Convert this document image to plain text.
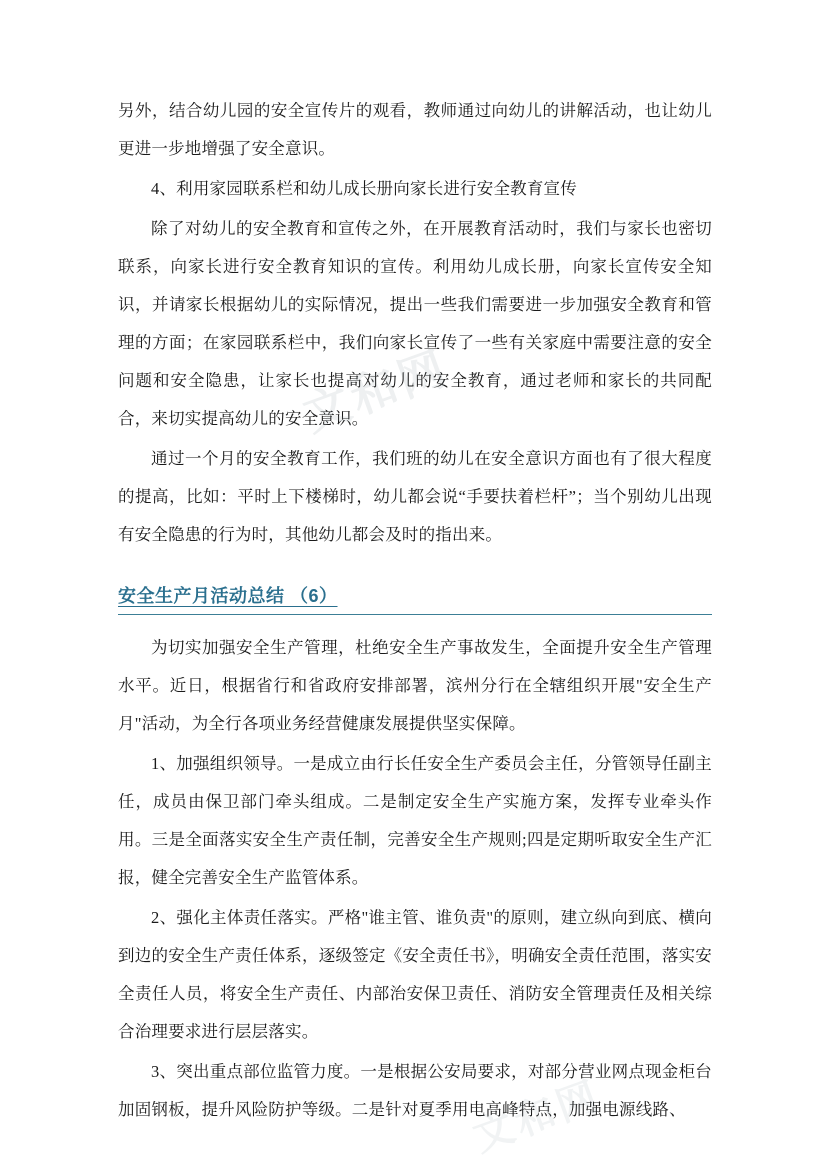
文和网
文和网

另外，结合幼儿园的安全宣传片的观看，教师通过向幼儿的讲解活动，也让幼儿更进一步地增强了安全意识。

4、利用家园联系栏和幼儿成长册向家长进行安全教育宣传

除了对幼儿的安全教育和宣传之外，在开展教育活动时，我们与家长也密切联系，向家长进行安全教育知识的宣传。利用幼儿成长册，向家长宣传安全知识，并请家长根据幼儿的实际情况，提出一些我们需要进一步加强安全教育和管理的方面；在家园联系栏中，我们向家长宣传了一些有关家庭中需要注意的安全问题和安全隐患，让家长也提高对幼儿的安全教育，通过老师和家长的共同配合，来切实提高幼儿的安全意识。

通过一个月的安全教育工作，我们班的幼儿在安全意识方面也有了很大程度的提高，比如：平时上下楼梯时，幼儿都会说“手要扶着栏杆”；当个别幼儿出现有安全隐患的行为时，其他幼儿都会及时的指出来。

安全生产月活动总结 （6）

为切实加强安全生产管理，杜绝安全生产事故发生，全面提升安全生产管理水平。近日，根据省行和省政府安排部署，滨州分行在全辖组织开展"安全生产月"活动，为全行各项业务经营健康发展提供坚实保障。

1、加强组织领导。一是成立由行长任安全生产委员会主任，分管领导任副主任，成员由保卫部门牵头组成。二是制定安全生产实施方案，发挥专业牵头作用。三是全面落实安全生产责任制，完善安全生产规则;四是定期听取安全生产汇报，健全完善安全生产监管体系。

2、强化主体责任落实。严格"谁主管、谁负责"的原则，建立纵向到底、横向到边的安全生产责任体系，逐级签定《安全责任书》，明确安全责任范围，落实安全责任人员，将安全生产责任、内部治安保卫责任、消防安全管理责任及相关综合治理要求进行层层落实。

3、突出重点部位监管力度。一是根据公安局要求，对部分营业网点现金柜台加固钢板，提升风险防护等级。二是针对夏季用电高峰特点，加强电源线路、
